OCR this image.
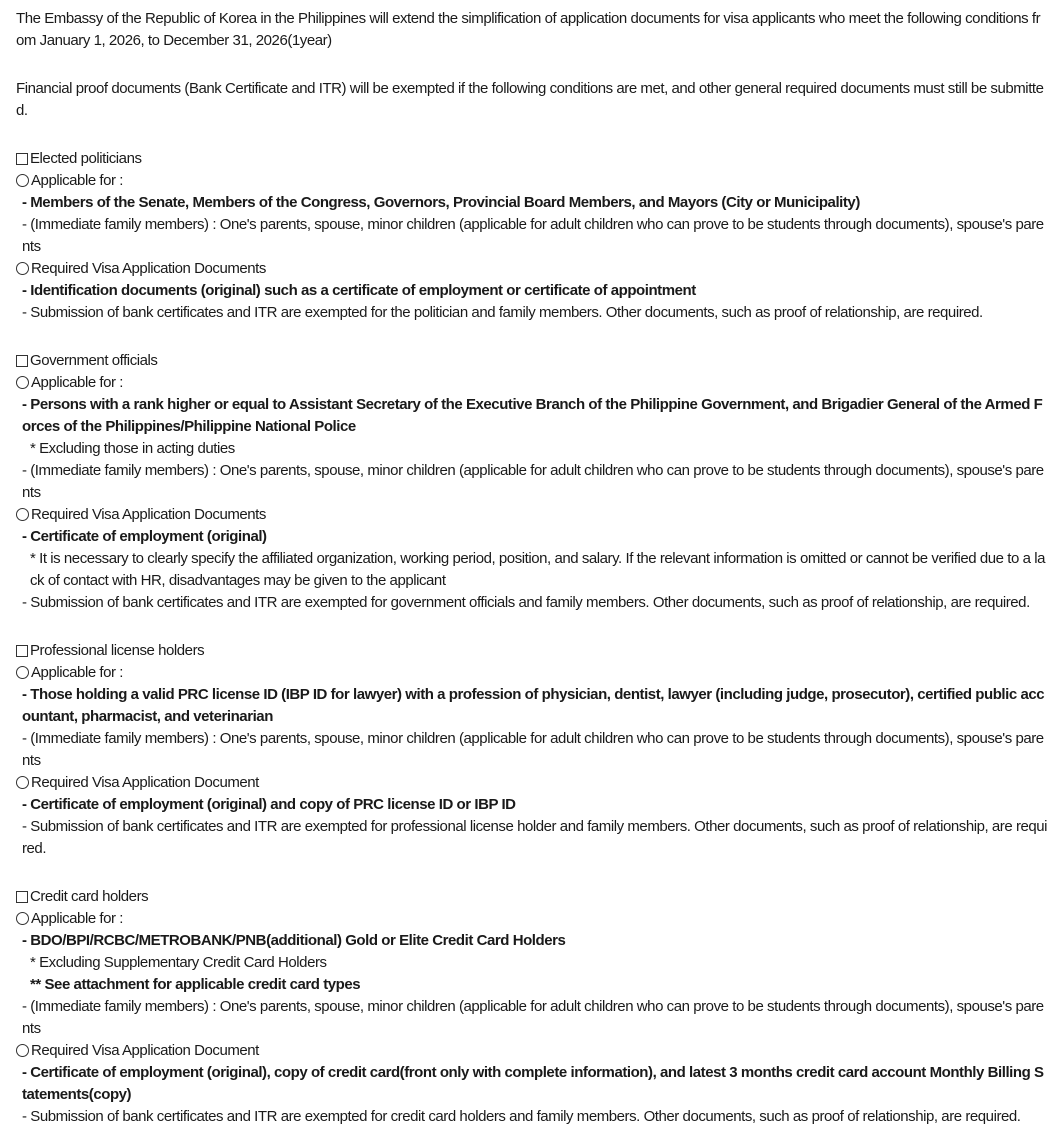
The Embassy of the Republic of Korea in the Philippines will extend the simplification of application documents for visa applicants who meet the following conditions from January 1, 2026, to December 31, 2026(1year)
Financial proof documents (Bank Certificate and ITR) will be exempted if the following conditions are met, and other general required documents must still be submitted.
Elected politicians
Applicable for :
- Members of the Senate, Members of the Congress, Governors, Provincial Board Members, and Mayors (City or Municipality)
- (Immediate family members) : One's parents, spouse, minor children (applicable for adult children who can prove to be students through documents), spouse's parents
Required Visa Application Documents
- Identification documents (original) such as a certificate of employment or certificate of appointment
- Submission of bank certificates and ITR are exempted for the politician and family members. Other documents, such as proof of relationship, are required.
Government officials
Applicable for :
- Persons with a rank higher or equal to Assistant Secretary of the Executive Branch of the Philippine Government, and Brigadier General of the Armed Forces of the Philippines/Philippine National Police
* Excluding those in acting duties
- (Immediate family members) : One's parents, spouse, minor children (applicable for adult children who can prove to be students through documents), spouse's parents
Required Visa Application Documents
- Certificate of employment (original)
* It is necessary to clearly specify the affiliated organization, working period, position, and salary. If the relevant information is omitted or cannot be verified due to a lack of contact with HR, disadvantages may be given to the applicant
- Submission of bank certificates and ITR are exempted for government officials and family members. Other documents, such as proof of relationship, are required.
Professional license holders
Applicable for :
- Those holding a valid PRC license ID (IBP ID for lawyer) with a profession of physician, dentist, lawyer (including judge, prosecutor), certified public accountant, pharmacist, and veterinarian
- (Immediate family members) : One's parents, spouse, minor children (applicable for adult children who can prove to be students through documents), spouse's parents
Required Visa Application Document
- Certificate of employment (original) and copy of PRC license ID or IBP ID
- Submission of bank certificates and ITR are exempted for professional license holder and family members. Other documents, such as proof of relationship, are required.
Credit card holders
Applicable for :
- BDO/BPI/RCBC/METROBANK/PNB(additional) Gold or Elite Credit Card Holders
* Excluding Supplementary Credit Card Holders
** See attachment for applicable credit card types
- (Immediate family members) : One's parents, spouse, minor children (applicable for adult children who can prove to be students through documents), spouse's parents
Required Visa Application Document
- Certificate of employment (original), copy of credit card(front only with complete information), and latest 3 months credit card account Monthly Billing Statements(copy)
- Submission of bank certificates and ITR are exempted for credit card holders and family members. Other documents, such as proof of relationship, are required.
